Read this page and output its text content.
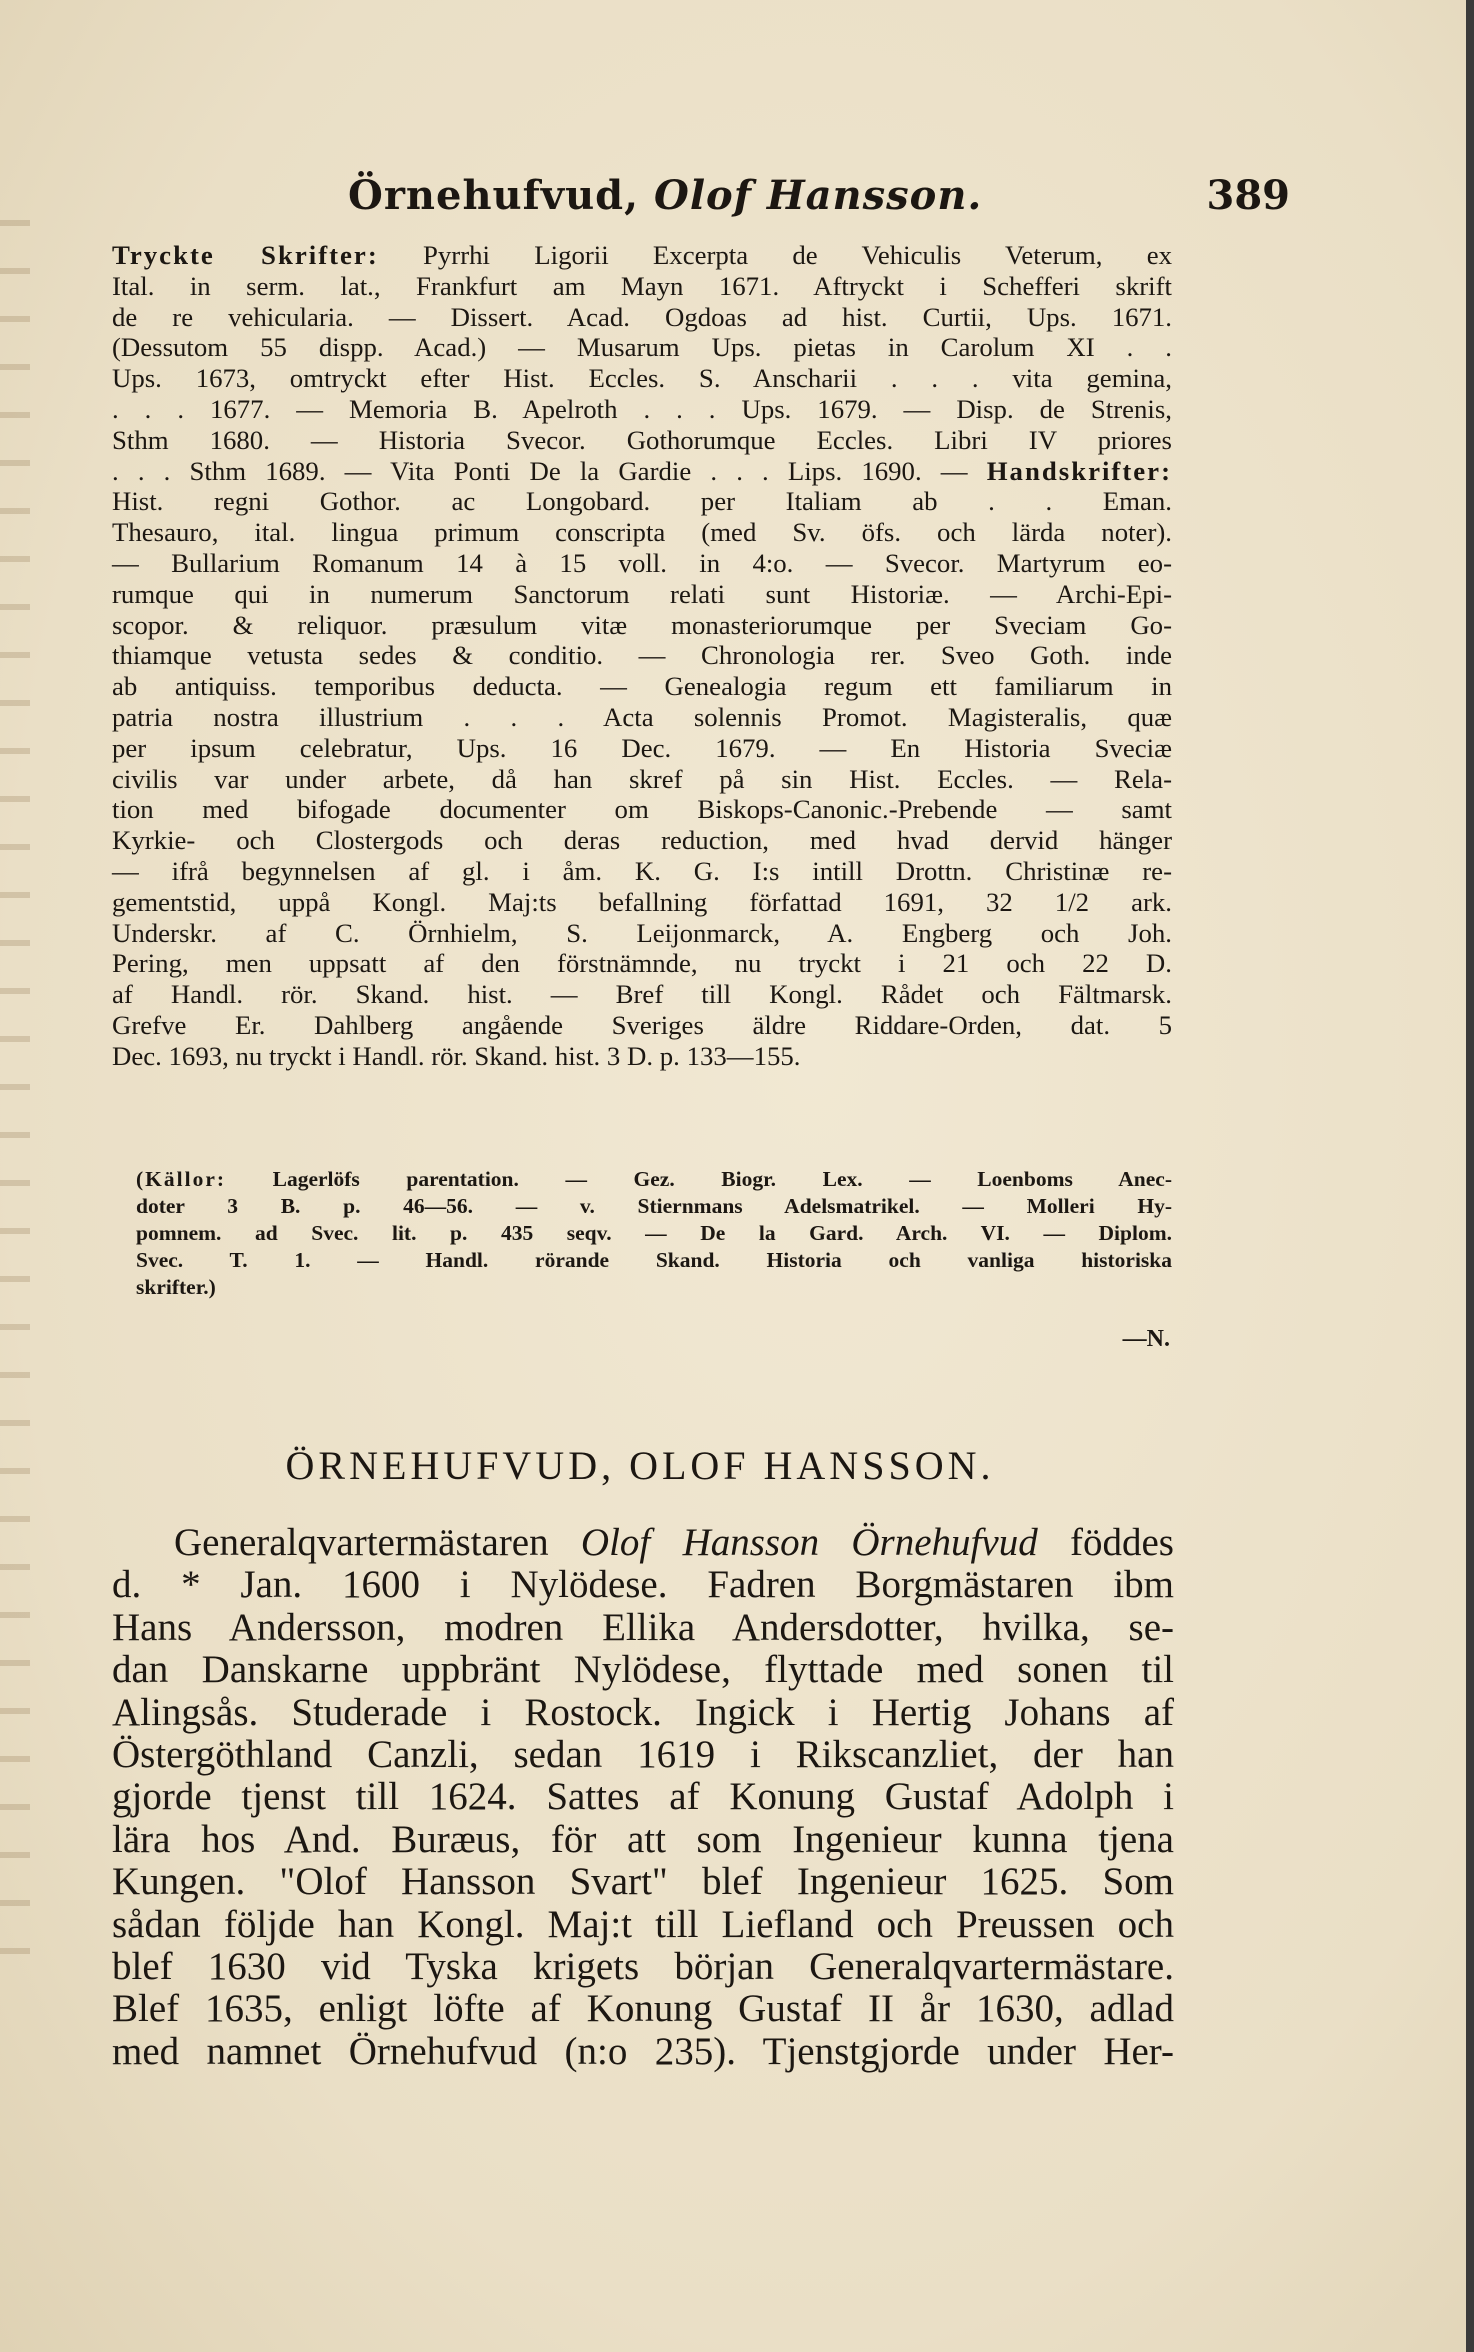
Örnehufvud, Olof Hansson.	389
Tryckte Skrifter: Pyrrhi Ligorii Excerpta de Vehiculis Veterum, ex
Ital. in serm. lat., Frankfurt am Mayn 1671. Aftryckt i Schefferi skrift
de re vehicularia. — Dissert. Acad. Ogdoas ad hist. Curtii, Ups. 1671.
(Dessutom 55 dispp. Acad.) — Musarum Ups. pietas in Carolum XI . .
Ups. 1673, omtryckt efter Hist. Eccles. S. Anscharii . . . vita gemina,
. . . 1677. — Memoria B. Apelroth . . . Ups. 1679. — Disp. de Strenis,
Sthm 1680. — Historia Svecor. Gothorumque Eccles. Libri IV priores
. . . Sthm 1689. — Vita Ponti De la Gardie . . . Lips. 1690. — Handskrifter:
Hist. regni Gothor. ac Longobard. per Italiam ab . . Eman.
Thesauro, ital. lingua primum conscripta (med Sv. öfs. och lärda noter).
— Bullarium Romanum 14 à 15 voll. in 4:o. — Svecor. Martyrum eo-
rumque qui in numerum Sanctorum relati sunt Historiæ. — Archi-Epi-
scopor. & reliquor. præsulum vitæ monasteriorumque per Sveciam Go-
thiamque vetusta sedes & conditio. — Chronologia rer. Sveo Goth. inde
ab antiquiss. temporibus deducta. — Genealogia regum ett familiarum in
patria nostra illustrium . . . Acta solennis Promot. Magisteralis, quæ
per ipsum celebratur, Ups. 16 Dec. 1679. — En Historia Sveciæ
civilis var under arbete, då han skref på sin Hist. Eccles. — Rela-
tion med bifogade documenter om Biskops-Canonic.-Prebende — samt
Kyrkie- och Clostergods och deras reduction, med hvad dervid hänger
— ifrå begynnelsen af gl. i åm. K. G. I:s intill Drottn. Christinæ re-
gementstid, uppå Kongl. Maj:ts befallning författad 1691, 32 1/2 ark.
Underskr. af C. Örnhielm, S. Leijonmarck, A. Engberg och Joh.
Pering, men uppsatt af den förstnämnde, nu tryckt i 21 och 22 D.
af Handl. rör. Skand. hist. — Bref till Kongl. Rådet och Fältmarsk.
Grefve Er. Dahlberg angående Sveriges äldre Riddare-Orden, dat. 5
Dec. 1693, nu tryckt i Handl. rör. Skand. hist. 3 D. p. 133—155.
(Källor: Lagerlöfs parentation. — Gez. Biogr. Lex. — Loenboms Anec-
doter 3 B. p. 46—56. — v. Stiernmans Adelsmatrikel. — Molleri Hy-
pomnem. ad Svec. lit. p. 435 seqv. — De la Gard. Arch. VI. — Diplom.
Svec. T. 1. — Handl. rörande Skand. Historia och vanliga historiska
skrifter.)
—N.
ÖRNEHUFVUD, OLOF HANSSON.
Generalqvartermästaren Olof Hansson Örnehufvud föddes
d. * Jan. 1600 i Nylödese. Fadren Borgmästaren ibm
Hans Andersson, modren Ellika Andersdotter, hvilka, se-
dan Danskarne uppbränt Nylödese, flyttade med sonen til
Alingsås. Studerade i Rostock. Ingick i Hertig Johans af
Östergöthland Canzli, sedan 1619 i Rikscanzliet, der han
gjorde tjenst till 1624. Sattes af Konung Gustaf Adolph i
lära hos And. Buræus, för att som Ingenieur kunna tjena
Kungen. "Olof Hansson Svart" blef Ingenieur 1625. Som
sådan följde han Kongl. Maj:t till Liefland och Preussen och
blef 1630 vid Tyska krigets början Generalqvartermästare.
Blef 1635, enligt löfte af Konung Gustaf II år 1630, adlad
med namnet Örnehufvud (n:o 235). Tjenstgjorde under Her-
